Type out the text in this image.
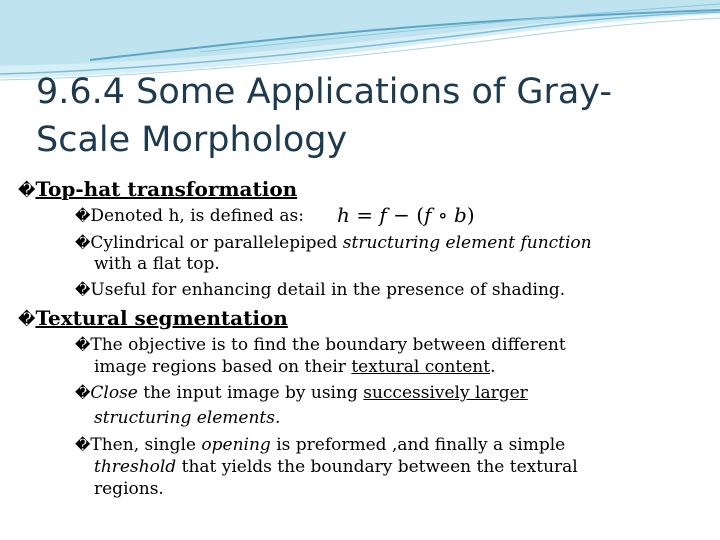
9.6.4 Some Applications of Gray-
Scale Morphology
�Top-hat transformation
�Denoted h, is defined as: h = f − (f ∘ b)
�Cylindrical or parallelepiped structuring element function
with a flat top.
�Useful for enhancing detail in the presence of shading.
�Textural segmentation
�The objective is to find the boundary between different
image regions based on their textural content.
�Close the input image by using successively larger
structuring elements.
�Then, single opening is preformed ,and finally a simple
threshold that yields the boundary between the textural
regions.
